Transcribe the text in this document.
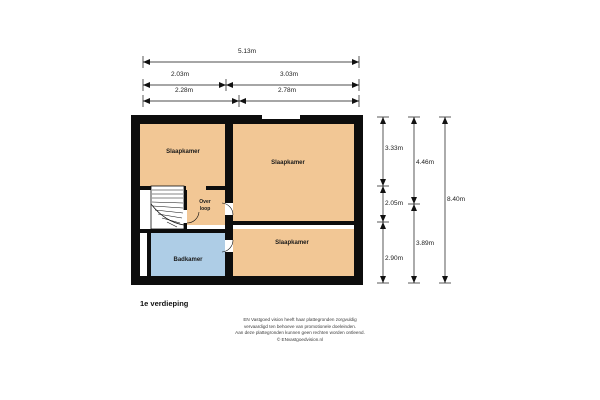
5.13m
2.03m	3.03m
2.28m	2.78m
3.33m
2.05m
2.90m
4.46m
3.89m
8.40m
Slaapkamer
Slaapkamer
Over
loop
Slaapkamer
Badkamer
1e verdieping
EN Vastgoed vision heeft haar plattegronden zorgvuldig
vervaardigd ten behoeve van promotionele doeleinden.
Aan deze plattegronden kunnen geen rechten worden ontleend.
© ENvastgoedvision.nl
